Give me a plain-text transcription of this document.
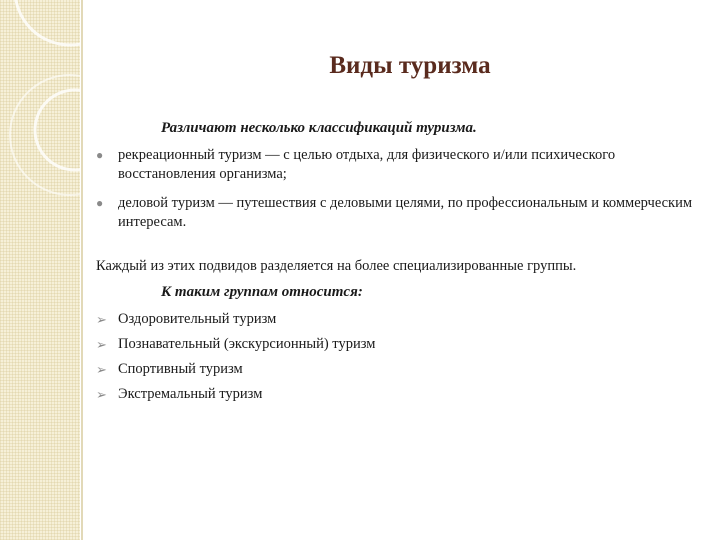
Виды туризма
Различают несколько классификаций туризма.
● рекреационный туризм — с целью отдыха, для физического и/или психического восстановления организма;
● деловой туризм — путешествия с деловыми целями, по профессиональным и коммерческим интересам.
Каждый из этих подвидов разделяется на более специализированные группы.
К таким группам относится:
➢ Оздоровительный туризм
➢ Познавательный (экскурсионный) туризм
➢ Спортивный туризм
➢ Экстремальный туризм
